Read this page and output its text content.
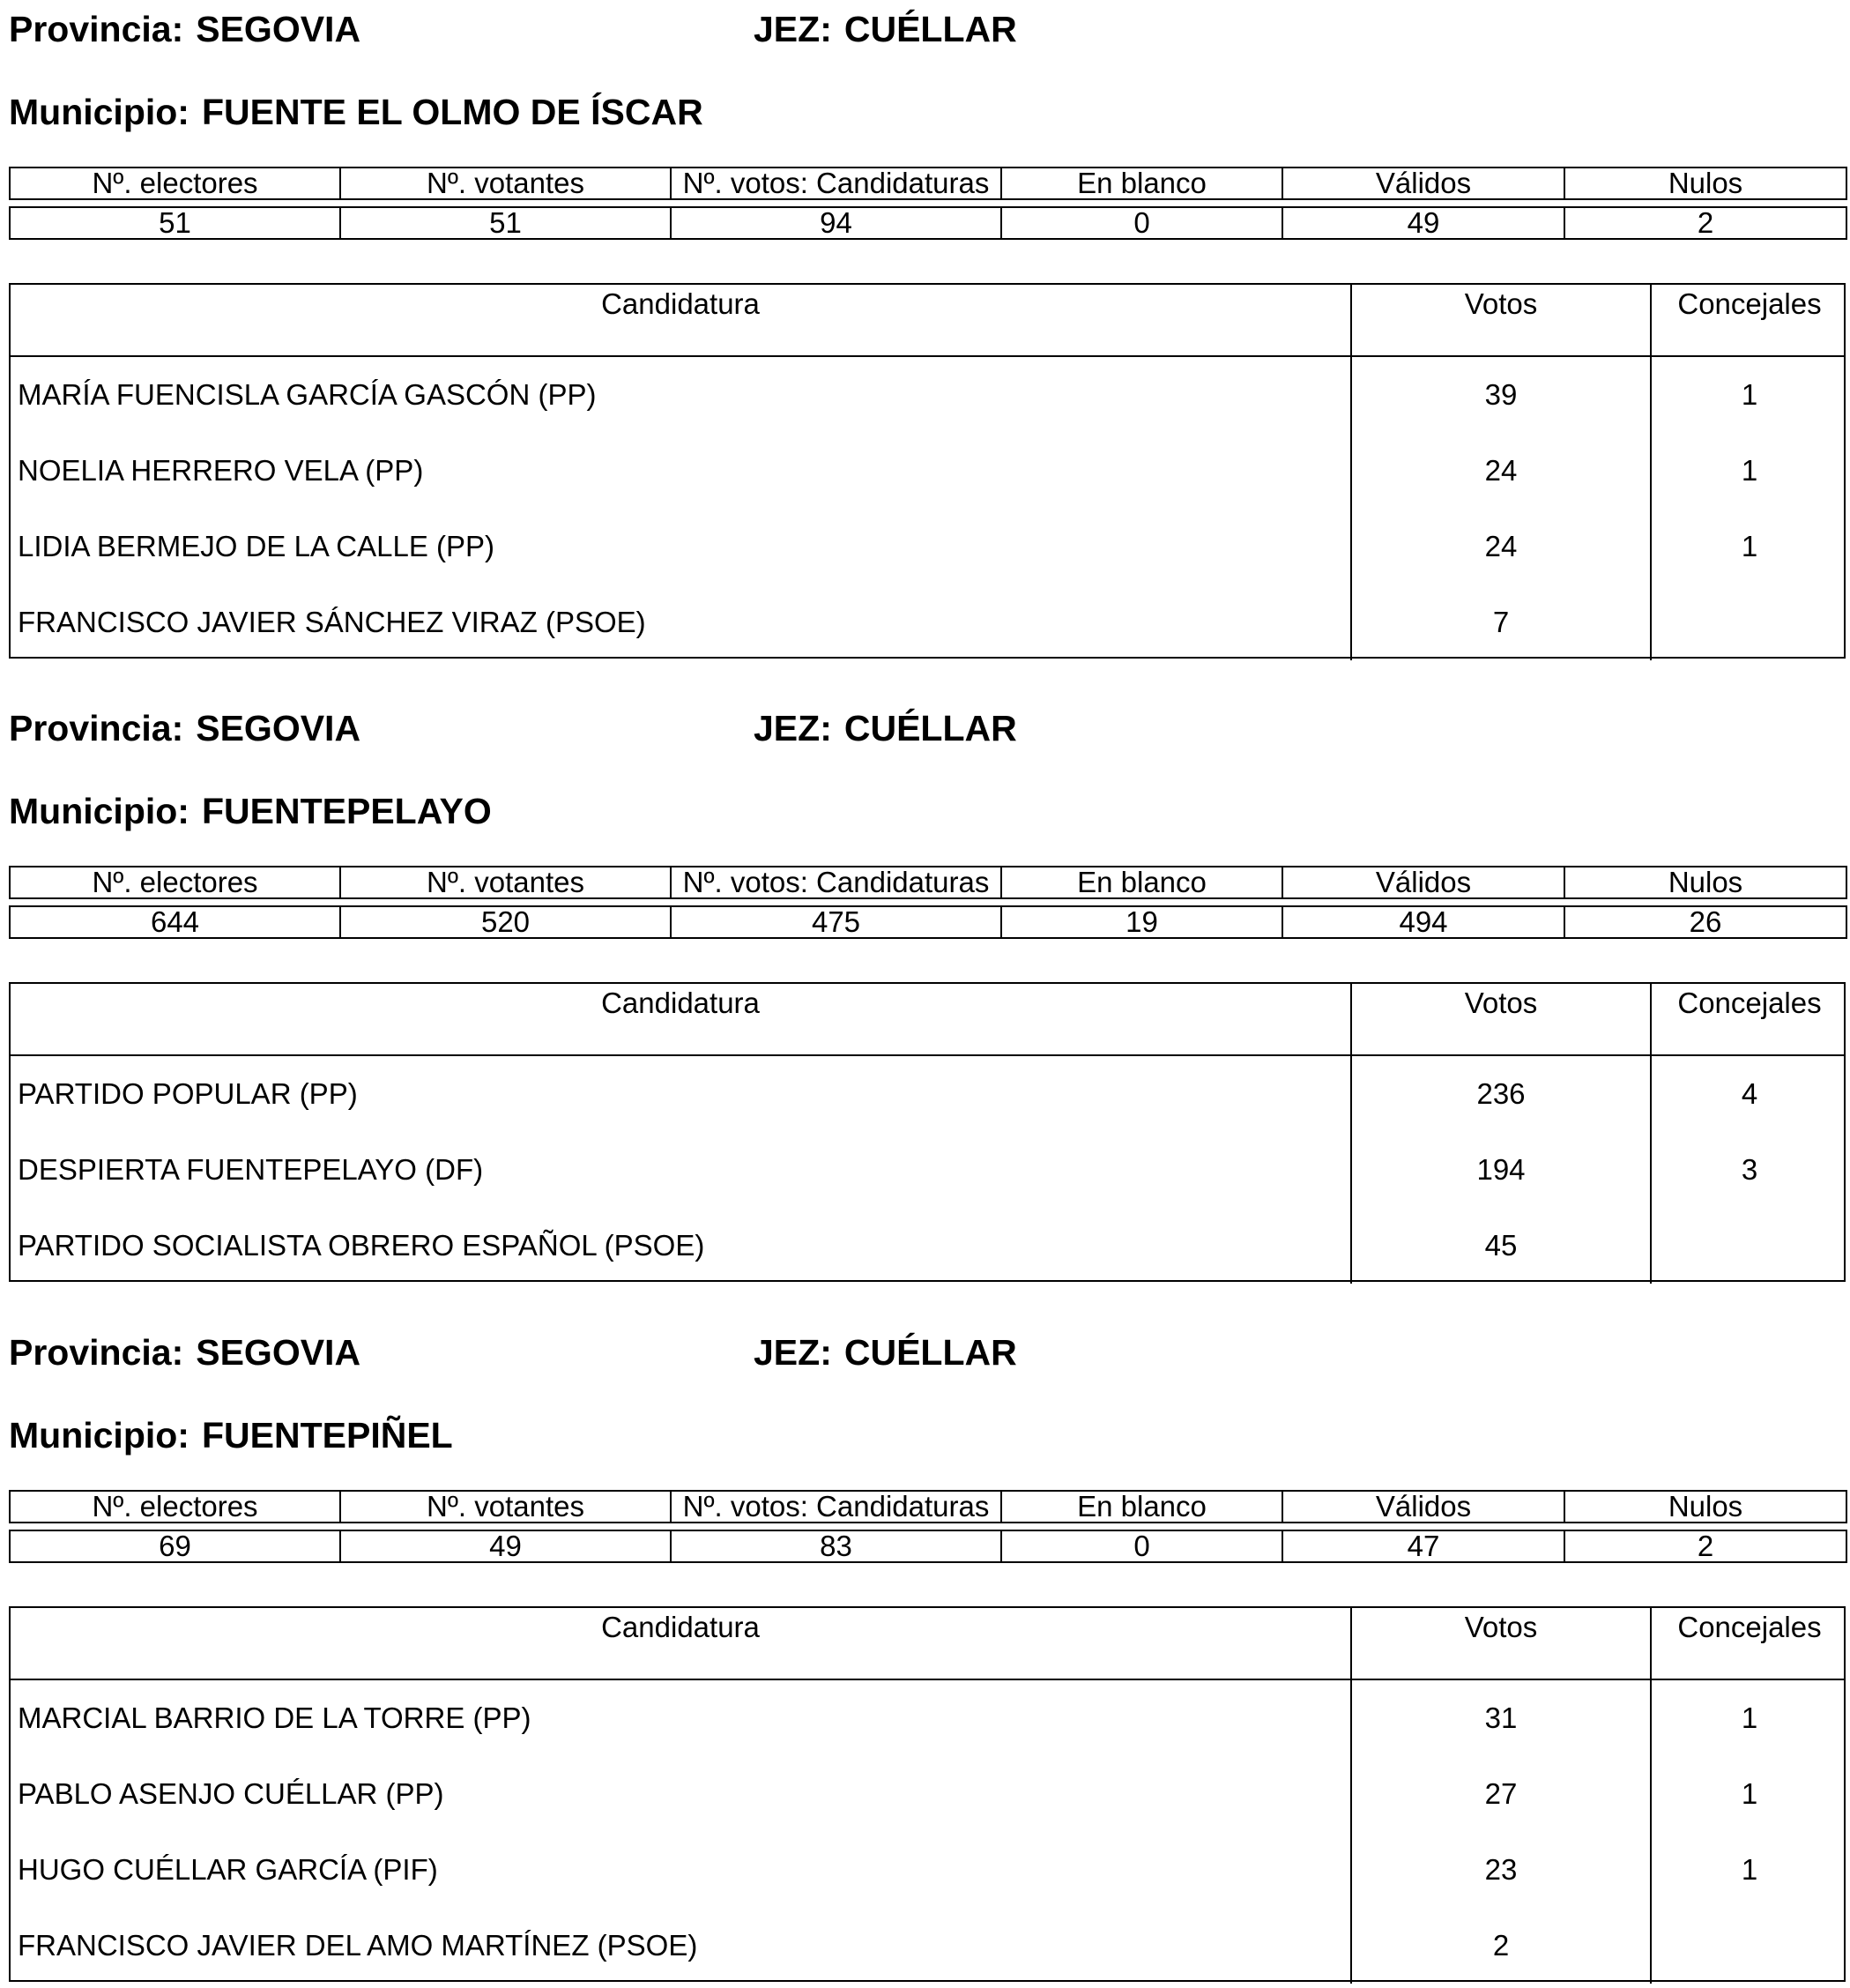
Provincia: SEGOVIA	JEZ: CUÉLLAR
Municipio: FUENTE EL OLMO DE ÍSCAR
Nº. electores	Nº. votantes	Nº. votos: Candidaturas	En blanco	Válidos	Nulos
51	51	94	0	49	2
Candidatura	Votos	Concejales
MARÍA FUENCISLA GARCÍA GASCÓN (PP)	39	1
NOELIA HERRERO VELA (PP)	24	1
LIDIA BERMEJO DE LA CALLE (PP)	24	1
FRANCISCO JAVIER SÁNCHEZ VIRAZ (PSOE)	7
Provincia: SEGOVIA	JEZ: CUÉLLAR
Municipio: FUENTEPELAYO
Nº. electores	Nº. votantes	Nº. votos: Candidaturas	En blanco	Válidos	Nulos
644	520	475	19	494	26
Candidatura	Votos	Concejales
PARTIDO POPULAR (PP)	236	4
DESPIERTA FUENTEPELAYO (DF)	194	3
PARTIDO SOCIALISTA OBRERO ESPAÑOL (PSOE)	45
Provincia: SEGOVIA	JEZ: CUÉLLAR
Municipio: FUENTEPIÑEL
Nº. electores	Nº. votantes	Nº. votos: Candidaturas	En blanco	Válidos	Nulos
69	49	83	0	47	2
Candidatura	Votos	Concejales
MARCIAL BARRIO DE LA TORRE (PP)	31	1
PABLO ASENJO CUÉLLAR (PP)	27	1
HUGO CUÉLLAR GARCÍA (PIF)	23	1
FRANCISCO JAVIER DEL AMO MARTÍNEZ (PSOE)	2
